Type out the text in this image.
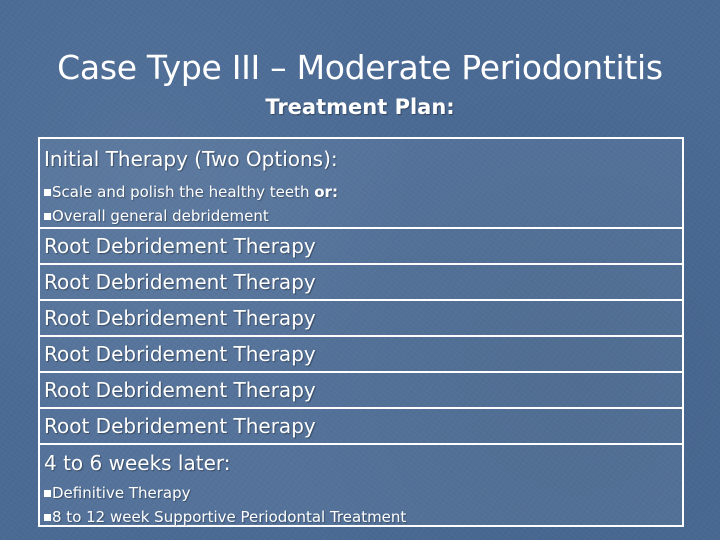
Case Type III – Moderate Periodontitis
Treatment Plan:
Initial Therapy (Two Options):
Scale and polish the healthy teeth or:
Overall general debridement
Root Debridement Therapy
Root Debridement Therapy
Root Debridement Therapy
Root Debridement Therapy
Root Debridement Therapy
Root Debridement Therapy
4 to 6 weeks later:
Definitive Therapy
8 to 12 week Supportive Periodontal Treatment
